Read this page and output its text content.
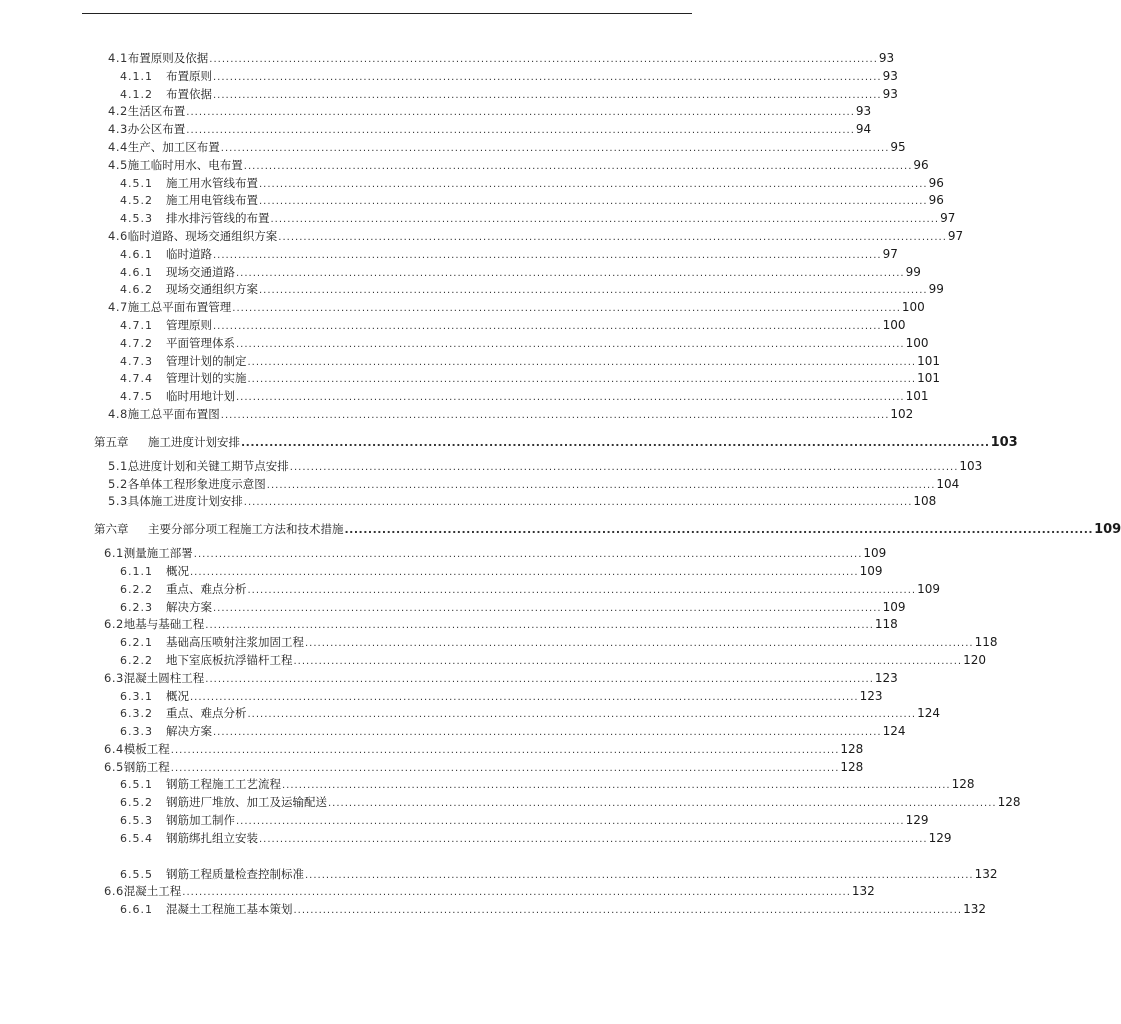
4.1布置原则及依据 ................................................................................................................................................................ 93
4.1.1 布置原则 ................................................................................................................................................................ 93
4.1.2 布置依据 ................................................................................................................................................................ 93
4.2生活区布置 ................................................................................................................................................................ 93
4.3办公区布置 ................................................................................................................................................................ 94
4.4生产、加工区布置 ................................................................................................................................................................ 95
4.5施工临时用水、电布置 ................................................................................................................................................................ 96
4.5.1 施工用水管线布置 ................................................................................................................................................................ 96
4.5.2 施工用电管线布置 ................................................................................................................................................................ 96
4.5.3 排水排污管线的布置 ................................................................................................................................................................ 97
4.6临时道路、现场交通组织方案 ................................................................................................................................................................ 97
4.6.1 临时道路 ................................................................................................................................................................ 97
4.6.1 现场交通道路 ................................................................................................................................................................ 99
4.6.2 现场交通组织方案 ................................................................................................................................................................ 99
4.7施工总平面布置管理 ................................................................................................................................................................ 100
4.7.1 管理原则 ................................................................................................................................................................ 100
4.7.2 平面管理体系 ................................................................................................................................................................ 100
4.7.3 管理计划的制定 ................................................................................................................................................................ 101
4.7.4 管理计划的实施 ................................................................................................................................................................ 101
4.7.5 临时用地计划 ................................................................................................................................................................ 101
4.8施工总平面布置图 ................................................................................................................................................................ 102
第五章 施工进度计划安排 ................................................................................................................................................................ 103
5.1总进度计划和关键工期节点安排 ................................................................................................................................................................ 103
5.2各单体工程形象进度示意图 ................................................................................................................................................................ 104
5.3具体施工进度计划安排 ................................................................................................................................................................ 108
第六章 主要分部分项工程施工方法和技术措施 ................................................................................................................................................................ 109
6.1测量施工部署 ................................................................................................................................................................ 109
6.1.1 概况 ................................................................................................................................................................ 109
6.2.2 重点、难点分析 ................................................................................................................................................................ 109
6.2.3 解决方案 ................................................................................................................................................................ 109
6.2地基与基础工程 ................................................................................................................................................................ 118
6.2.1 基础高压喷射注浆加固工程 ................................................................................................................................................................ 118
6.2.2 地下室底板抗浮锚杆工程 ................................................................................................................................................................ 120
6.3混凝土圆柱工程 ................................................................................................................................................................ 123
6.3.1 概况 ................................................................................................................................................................ 123
6.3.2 重点、难点分析 ................................................................................................................................................................ 124
6.3.3 解决方案 ................................................................................................................................................................ 124
6.4模板工程 ................................................................................................................................................................ 128
6.5钢筋工程 ................................................................................................................................................................ 128
6.5.1 钢筋工程施工工艺流程 ................................................................................................................................................................ 128
6.5.2 钢筋进厂堆放、加工及运输配送 ................................................................................................................................................................ 128
6.5.3 钢筋加工制作 ................................................................................................................................................................ 129
6.5.4 钢筋绑扎组立安装 ................................................................................................................................................................ 129
6.5.5 钢筋工程质量检查控制标准 ................................................................................................................................................................ 132
6.6混凝土工程 ................................................................................................................................................................ 132
6.6.1 混凝土工程施工基本策划 ................................................................................................................................................................ 132
